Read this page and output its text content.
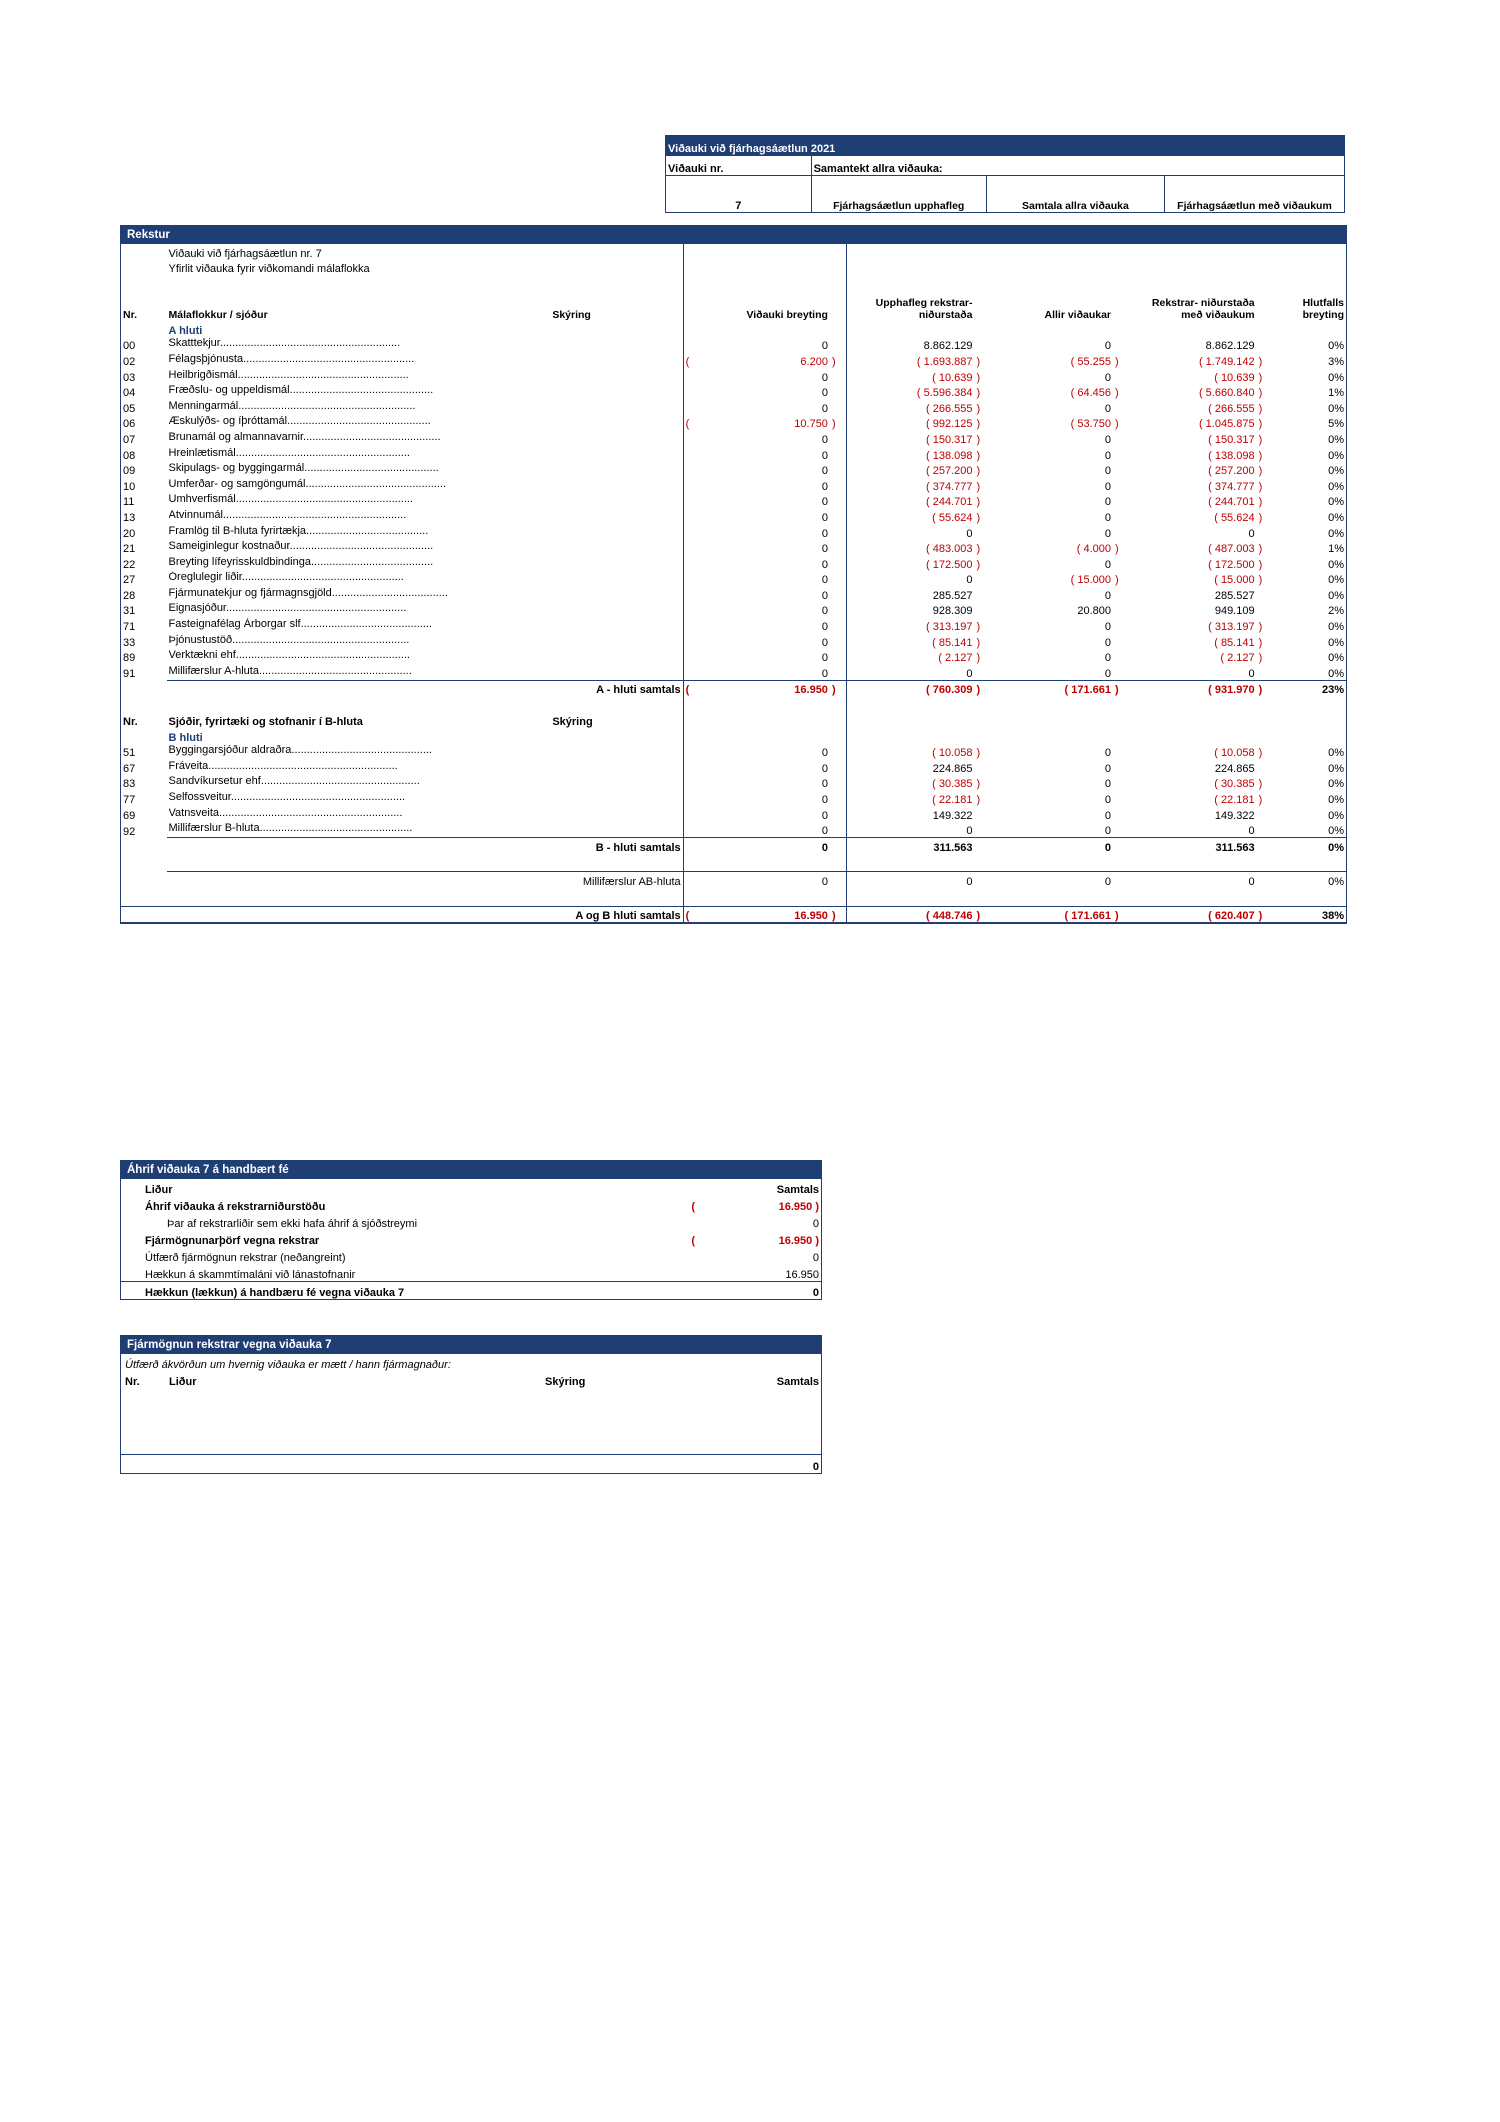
Viðauki við fjárhagsáætlun 2021			
Viðauki nr.	Samantekt allra viðauka:		
7	Fjárhagsáætlun upphafleg	Samtala allra viðauka	Fjárhagsáætlun með viðaukum
Rekstur
	Viðauki við fjárhagsáætlun nr. 7											
	Yfirlit viðauka fyrir viðkomandi málaflokka											

Nr.	Málaflokkur / sjóður	Skýring		Viðauki breyting		Upphafleg rekstrar- niðurstaða		Allir viðaukar		Rekstrar- niðurstaða með viðaukum		Hlutfalls breyting
	A hluti											
00	Skatttekjur...........................................................			0		8.862.129		0		8.862.129		0%
02	Félagsþjónusta........................................................		(	6.200	)	( 1.693.887	)	( 55.255	)	( 1.749.142	)	3%
03	Heilbrigðismál........................................................			0		( 10.639	)	0		( 10.639	)	0%
04	Fræðslu- og uppeldismál...............................................			0		( 5.596.384	)	( 64.456	)	( 5.660.840	)	1%
05	Menningarmál..........................................................			0		( 266.555	)	0		( 266.555	)	0%
06	Æskulýðs- og íþróttamál...............................................		(	10.750	)	( 992.125	)	( 53.750	)	( 1.045.875	)	5%
07	Brunamál og almannavarnir.............................................			0		( 150.317	)	0		( 150.317	)	0%
08	Hreinlætismál.........................................................			0		( 138.098	)	0		( 138.098	)	0%
09	Skipulags- og byggingarmál............................................			0		( 257.200	)	0		( 257.200	)	0%
10	Umferðar- og samgöngumál..............................................			0		( 374.777	)	0		( 374.777	)	0%
11	Umhverfismál..........................................................			0		( 244.701	)	0		( 244.701	)	0%
13	Atvinnumál............................................................			0		( 55.624	)	0		( 55.624	)	0%
20	Framlög til B-hluta fyrirtækja........................................			0		0		0		0		0%
21	Sameiginlegur kostnaður...............................................			0		( 483.003	)	( 4.000	)	( 487.003	)	1%
22	Breyting lífeyrisskuldbindinga........................................			0		( 172.500	)	0		( 172.500	)	0%
27	Óreglulegir liðir.....................................................			0		0		( 15.000	)	( 15.000	)	0%
28	Fjármunatekjur og fjármagnsgjöld......................................			0		285.527		0		285.527		0%
31	Eignasjóður...........................................................			0		928.309		20.800		949.109		2%
71	Fasteignafélag Árborgar slf...........................................			0		( 313.197	)	0		( 313.197	)	0%
33	Þjónustustöð..........................................................			0		( 85.141	)	0		( 85.141	)	0%
89	Verktækni ehf.........................................................			0		( 2.127	)	0		( 2.127	)	0%
91	Millifærslur A-hluta..................................................			0		0		0		0		0%
	A - hluti samtals		(	16.950	)	( 760.309	)	( 171.661	)	( 931.970	)	23%

Nr.	Sjóðir, fyrirtæki og stofnanir í B-hluta	Skýring										
	B hluti											
51	Byggingarsjóður aldraðra..............................................			0		( 10.058	)	0		( 10.058	)	0%
67	Fráveita..............................................................			0		224.865		0		224.865		0%
83	Sandvíkursetur ehf....................................................			0		( 30.385	)	0		( 30.385	)	0%
77	Selfossveitur.........................................................			0		( 22.181	)	0		( 22.181	)	0%
69	Vatnsveita............................................................			0		149.322		0		149.322		0%
92	Millifærslur B-hluta..................................................			0		0		0		0		0%
	B - hluti samtals			0		311.563		0		311.563		0%

	Millifærslur AB-hluta			0		0		0		0		0%

	A og B hluti samtals		(	16.950	)	( 448.746	)	( 171.661	)	( 620.407	)	38%
Áhrif viðauka 7 á handbært fé
Liður		Samtals
Áhrif viðauka á rekstrarniðurstöðu	(	16.950 )
Þar af rekstrarliðir sem ekki hafa áhrif á sjóðstreymi		0
Fjármögnunarþörf vegna rekstrar	(	16.950 )
Útfærð fjármögnun rekstrar (neðangreint)		0
Hækkun á skammtímaláni við lánastofnanir		16.950
Hækkun (lækkun) á handbæru fé vegna viðauka 7		0
Fjármögnun rekstrar vegna viðauka 7
Útfærð ákvörðun um hvernig viðauka er mætt / hann fjármagnaður:			
Nr.	Liður	Skýring	Samtals

			0
